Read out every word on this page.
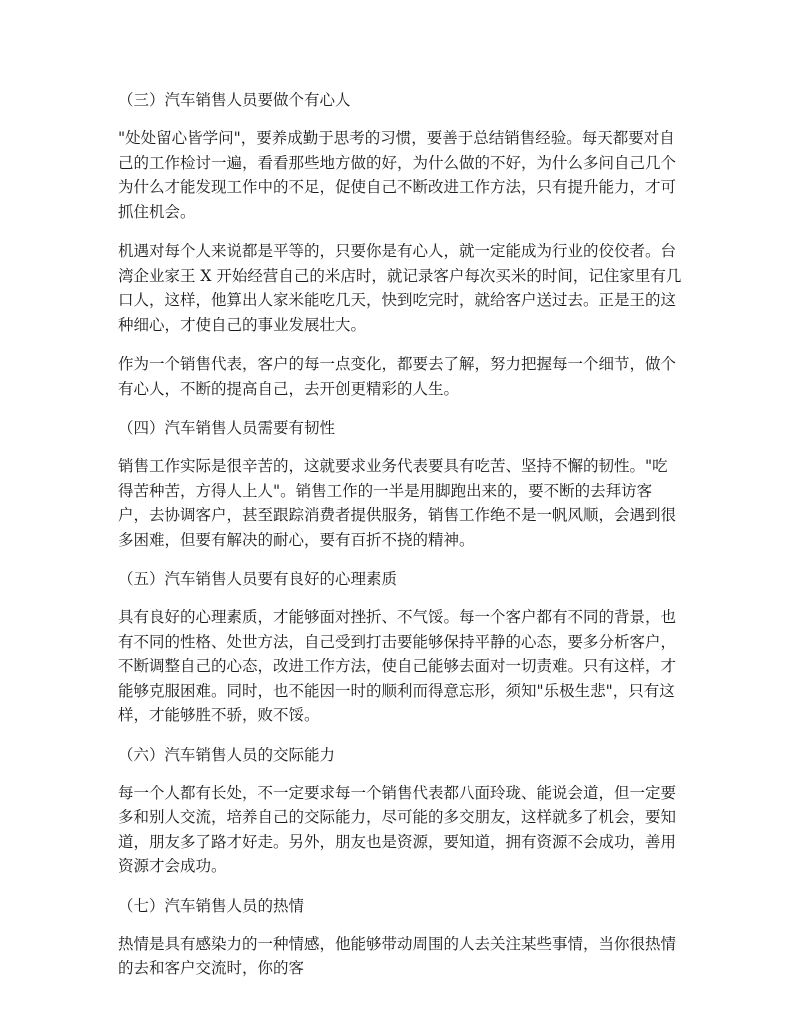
（三）汽车销售人员要做个有心人
"处处留心皆学问"，要养成勤于思考的习惯，要善于总结销售经验。每天都要对自
己的工作检讨一遍，看看那些地方做的好，为什么做的不好，为什么多问自己几个
为什么才能发现工作中的不足，促使自己不断改进工作方法，只有提升能力，才可
抓住机会。
机遇对每个人来说都是平等的，只要你是有心人，就一定能成为行业的佼佼者。台
湾企业家王 X 开始经营自己的米店时，就记录客户每次买米的时间，记住家里有几
口人，这样，他算出人家米能吃几天，快到吃完时，就给客户送过去。正是王的这
种细心，才使自己的事业发展壮大。
作为一个销售代表，客户的每一点变化，都要去了解，努力把握每一个细节，做个
有心人，不断的提高自己，去开创更精彩的人生。
（四）汽车销售人员需要有韧性
销售工作实际是很辛苦的，这就要求业务代表要具有吃苦、坚持不懈的韧性。"吃
得苦种苦，方得人上人"。销售工作的一半是用脚跑出来的，要不断的去拜访客
户，去协调客户，甚至跟踪消费者提供服务，销售工作绝不是一帆风顺，会遇到很
多困难，但要有解决的耐心，要有百折不挠的精神。
（五）汽车销售人员要有良好的心理素质
具有良好的心理素质，才能够面对挫折、不气馁。每一个客户都有不同的背景，也
有不同的性格、处世方法，自己受到打击要能够保持平静的心态，要多分析客户，
不断调整自己的心态，改进工作方法，使自己能够去面对一切责难。只有这样，才
能够克服困难。同时，也不能因一时的顺利而得意忘形，须知"乐极生悲"，只有这
样，才能够胜不骄，败不馁。
（六）汽车销售人员的交际能力
每一个人都有长处，不一定要求每一个销售代表都八面玲珑、能说会道，但一定要
多和别人交流，培养自己的交际能力，尽可能的多交朋友，这样就多了机会，要知
道，朋友多了路才好走。另外，朋友也是资源，要知道，拥有资源不会成功，善用
资源才会成功。
（七）汽车销售人员的热情
热情是具有感染力的一种情感，他能够带动周围的人去关注某些事情，当你很热情
的去和客户交流时，你的客
